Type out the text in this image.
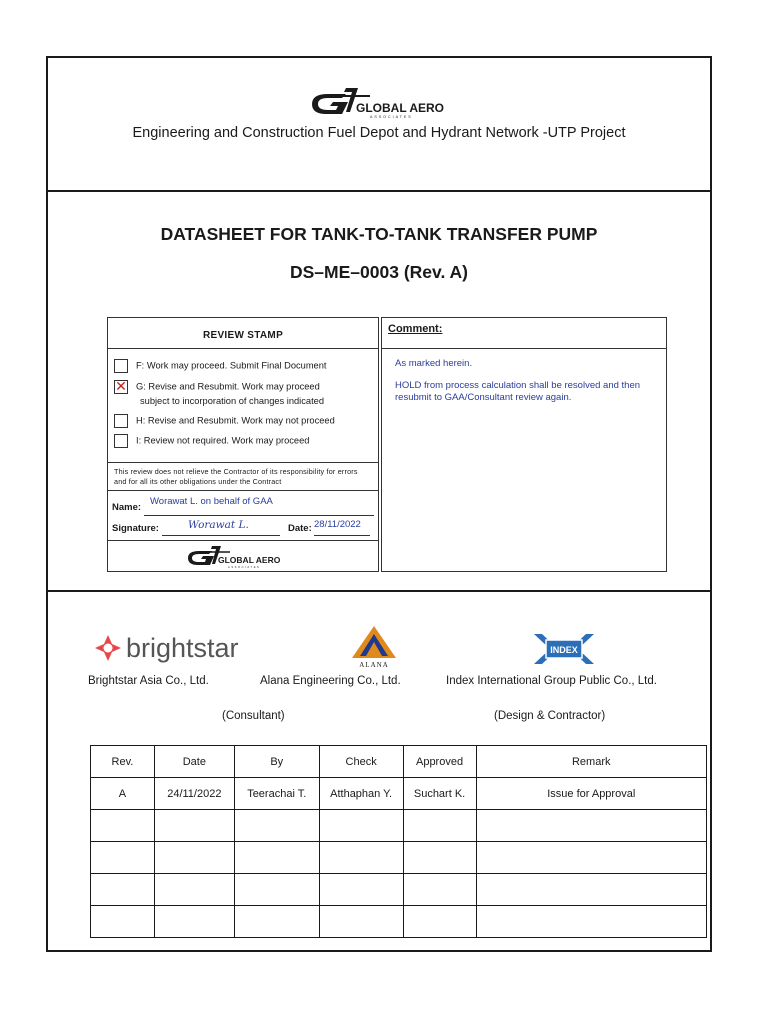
GLOBAL AERO
ASSOCIATES
Engineering and Construction Fuel Depot and Hydrant Network -UTP Project
DATASHEET FOR TANK-TO-TANK TRANSFER PUMP
DS–ME–0003 (Rev. A)
REVIEW STAMP
F: Work may proceed. Submit Final Document
✕ G: Revise and Resubmit. Work may proceed
subject to incorporation of changes indicated
H: Revise and Resubmit. Work may not proceed
I: Review not required. Work may proceed
This review does not relieve the Contractor of its responsibility for errors and for all its other obligations under the Contract
Name:
Worawat L. on behalf of GAA
Signature:	Worawat L.	Date: 28/11/2022
GLOBAL AERO
ASSOCIATES
Comment:

As marked herein.

HOLD from process calculation shall be resolved and then resubmit to GAA/Consultant review again.

brightstar
ALANA
INDEX
Brightstar Asia Co., Ltd.	Alana Engineering Co., Ltd.	Index International Group Public Co., Ltd.
(Consultant)	(Design & Contractor)
Rev.	Date	By	Check	Approved	Remark
A	24/11/2022	Teerachai T.	Atthaphan Y.	Suchart K.	Issue for Approval
